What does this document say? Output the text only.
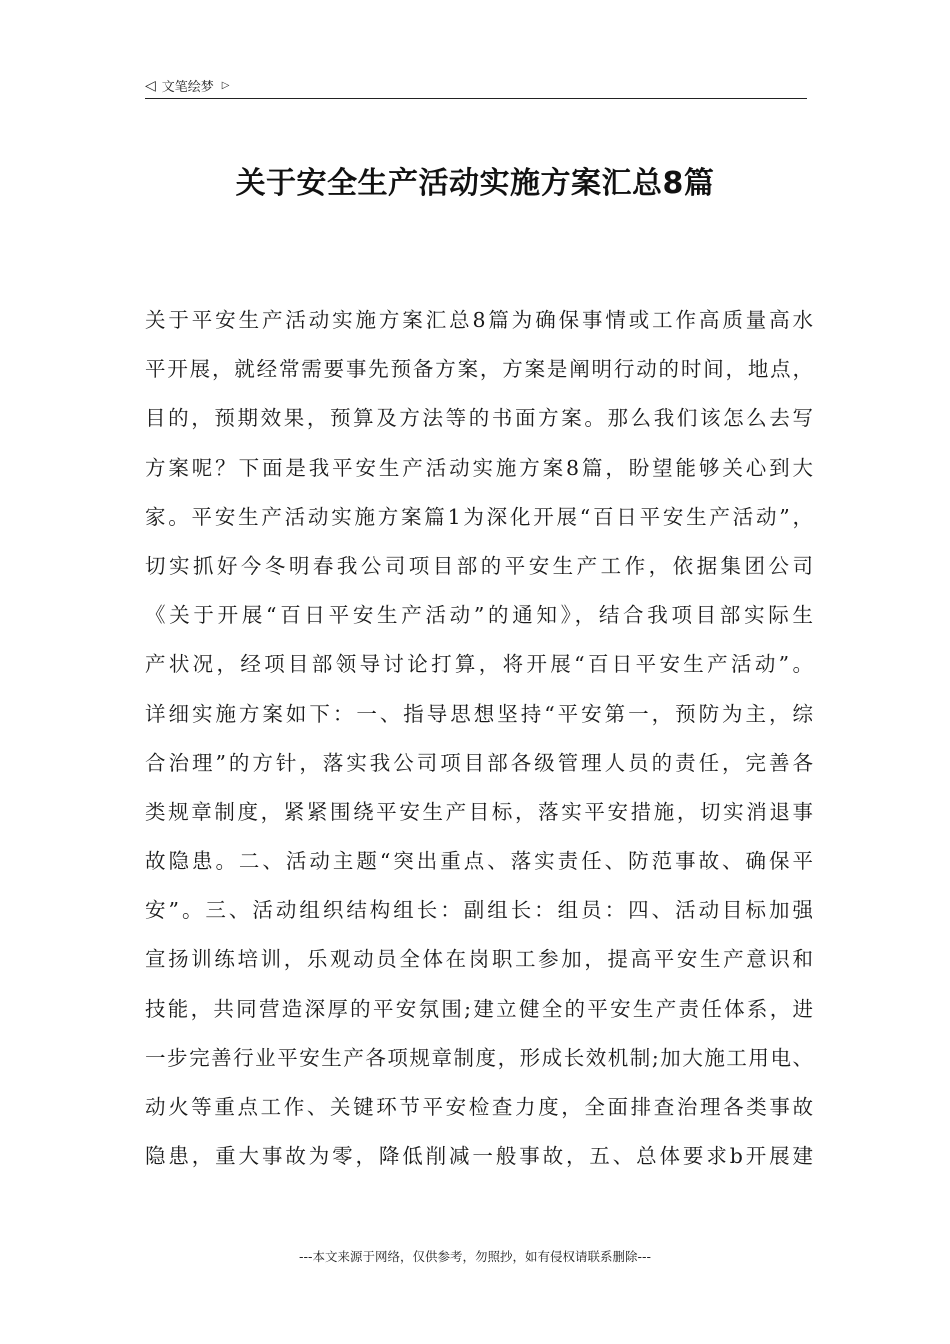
◁ 文笔绘梦 ▷
关于安全生产活动实施方案汇总8篇
关于平安生产活动实施方案汇总8篇为确保事情或工作高质量高水
平开展，就经常需要事先预备方案，方案是阐明行动的时间，地点，
目的，预期效果，预算及方法等的书面方案。那么我们该怎么去写
方案呢？下面是我平安生产活动实施方案8篇，盼望能够关心到大
家。平安生产活动实施方案篇1为深化开展“百日平安生产活动”，
切实抓好今冬明春我公司项目部的平安生产工作，依据集团公司
《关于开展“百日平安生产活动”的通知》，结合我项目部实际生
产状况，经项目部领导讨论打算，将开展“百日平安生产活动”。
详细实施方案如下：一、指导思想坚持“平安第一，预防为主，综
合治理”的方针，落实我公司项目部各级管理人员的责任，完善各
类规章制度，紧紧围绕平安生产目标，落实平安措施，切实消退事
故隐患。二、活动主题“突出重点、落实责任、防范事故、确保平
安”。三、活动组织结构组长：副组长：组员：四、活动目标加强
宣扬训练培训，乐观动员全体在岗职工参加，提高平安生产意识和
技能，共同营造深厚的平安氛围;建立健全的平安生产责任体系，进
一步完善行业平安生产各项规章制度，形成长效机制;加大施工用电、
动火等重点工作、关键环节平安检查力度，全面排查治理各类事故
隐患，重大事故为零，降低削减一般事故，五、总体要求b开展建
---本文来源于网络，仅供参考，勿照抄，如有侵权请联系删除---
